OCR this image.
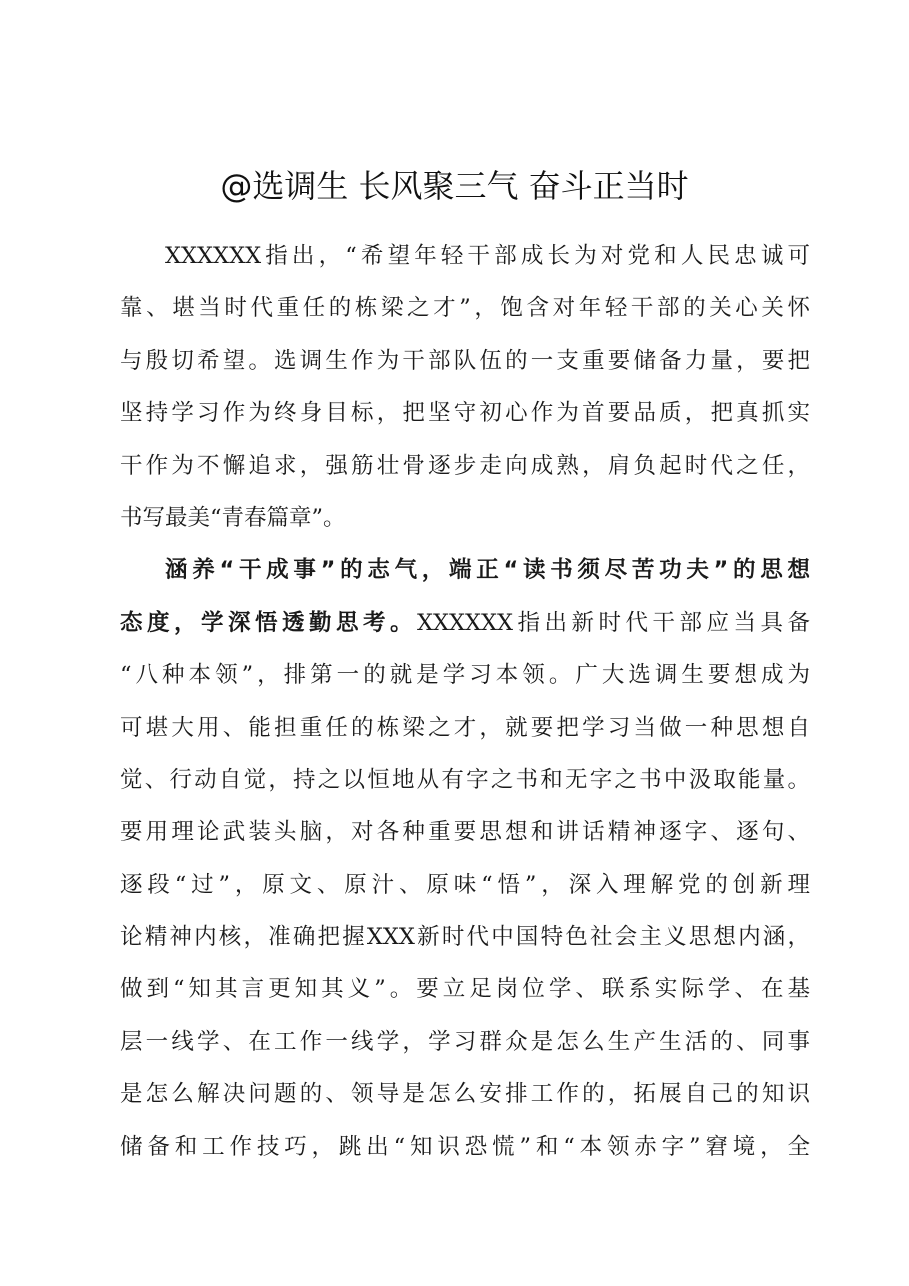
@选调生 长风聚三气 奋斗正当时
XXXXXX指出，“希望年轻干部成长为对党和人民忠诚可
靠、堪当时代重任的栋梁之才”，饱含对年轻干部的关心关怀
与殷切希望。选调生作为干部队伍的一支重要储备力量，要把
坚持学习作为终身目标，把坚守初心作为首要品质，把真抓实
干作为不懈追求，强筋壮骨逐步走向成熟，肩负起时代之任，
书写最美“青春篇章”。
涵养“干成事”的志气，端正“读书须尽苦功夫”的思想
态度，学深悟透勤思考。XXXXXX指出新时代干部应当具备
“八种本领”，排第一的就是学习本领。广大选调生要想成为
可堪大用、能担重任的栋梁之才，就要把学习当做一种思想自
觉、行动自觉，持之以恒地从有字之书和无字之书中汲取能量。
要用理论武装头脑，对各种重要思想和讲话精神逐字、逐句、
逐段“过”，原文、原汁、原味“悟”，深入理解党的创新理
论精神内核，准确把握XXX新时代中国特色社会主义思想内涵，
做到“知其言更知其义”。要立足岗位学、联系实际学、在基
层一线学、在工作一线学，学习群众是怎么生产生活的、同事
是怎么解决问题的、领导是怎么安排工作的，拓展自己的知识
储备和工作技巧，跳出“知识恐慌”和“本领赤字”窘境，全
